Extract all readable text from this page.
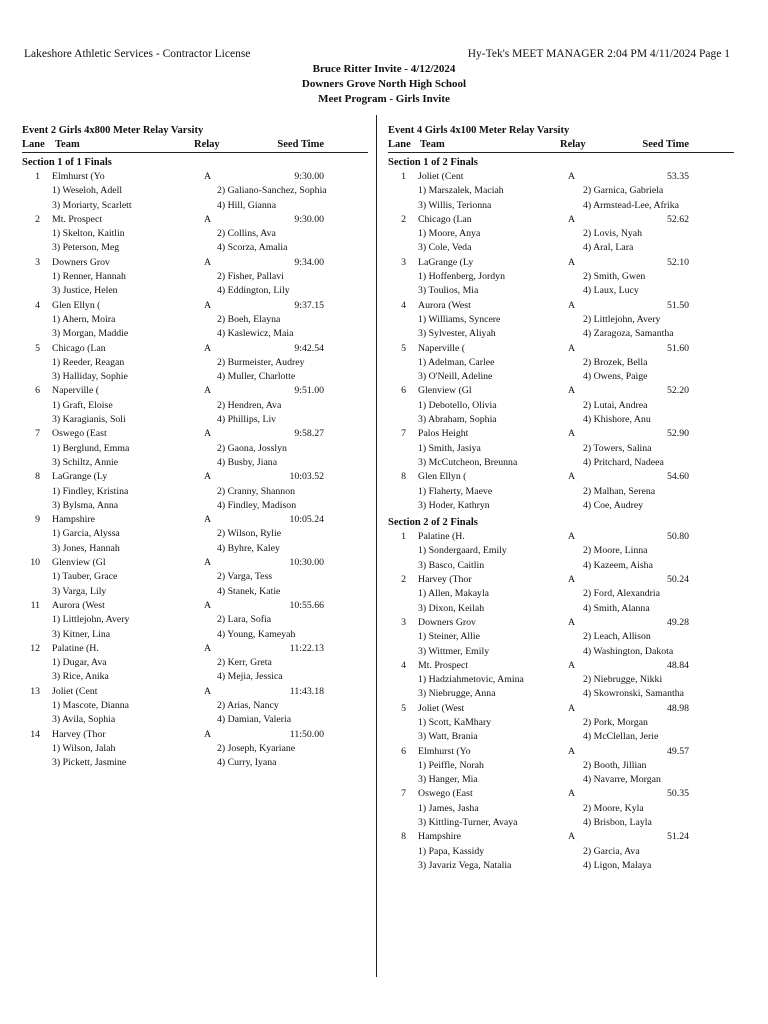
Lakeshore Athletic Services - Contractor License	Hy-Tek's MEET MANAGER 2:04 PM 4/11/2024 Page 1
Bruce Ritter Invite - 4/12/2024
Downers Grove North High School
Meet Program - Girls Invite
Event 2 Girls 4x800 Meter Relay Varsity
Lane Team	Relay	Seed Time
Section 1 of 1 Finals
1 Elmhurst (Yo	A	9:30.00
1) Weseloh, Adell	2) Galiano-Sanchez, Sophia
3) Moriarty, Scarlett	4) Hill, Gianna
2 Mt. Prospect	A	9:30.00
1) Skelton, Kaitlin	2) Collins, Ava
3) Peterson, Meg	4) Scorza, Amalia
3 Downers Grov	A	9:34.00
1) Renner, Hannah	2) Fisher, Pallavi
3) Justice, Helen	4) Eddington, Lily
4 Glen Ellyn (	A	9:37.15
1) Ahern, Moira	2) Boeh, Elayna
3) Morgan, Maddie	4) Kaslewicz, Maia
5 Chicago (Lan	A	9:42.54
1) Reeder, Reagan	2) Burmeister, Audrey
3) Halliday, Sophie	4) Muller, Charlotte
6 Naperville (	A	9:51.00
1) Graft, Eloise	2) Hendren, Ava
3) Karagianis, Soli	4) Phillips, Liv
7 Oswego (East	A	9:58.27
1) Berglund, Emma	2) Gaona, Josslyn
3) Schiltz, Annie	4) Busby, Jiana
8 LaGrange (Ly	A	10:03.52
1) Findley, Kristina	2) Cranny, Shannon
3) Bylsma, Anna	4) Findley, Madison
9 Hampshire	A	10:05.24
1) Garcia, Alyssa	2) Wilson, Rylie
3) Jones, Hannah	4) Byhre, Kaley
10 Glenview (Gl	A	10:30.00
1) Tauber, Grace	2) Varga, Tess
3) Varga, Lily	4) Stanek, Katie
11 Aurora (West	A	10:55.66
1) Littlejohn, Avery	2) Lara, Sofia
3) Kitner, Lina	4) Young, Kameyah
12 Palatine (H.	A	11:22.13
1) Dugar, Ava	2) Kerr, Greta
3) Rice, Anika	4) Mejia, Jessica
13 Joliet (Cent	A	11:43.18
1) Mascote, Dianna	2) Arias, Nancy
3) Avila, Sophia	4) Damian, Valeria
14 Harvey (Thor	A	11:50.00
1) Wilson, Jalah	2) Joseph, Kyariane
3) Pickett, Jasmine	4) Curry, Iyana
Event 4 Girls 4x100 Meter Relay Varsity
Lane Team	Relay	Seed Time
Section 1 of 2 Finals
1 Joliet (Cent	A	53.35
1) Marszalek, Maciah	2) Garnica, Gabriela
3) Willis, Terionna	4) Armstead-Lee, Afrika
2 Chicago (Lan	A	52.62
1) Moore, Anya	2) Lovis, Nyah
3) Cole, Veda	4) Aral, Lara
3 LaGrange (Ly	A	52.10
1) Hoffenberg, Jordyn	2) Smith, Gwen
3) Toulios, Mia	4) Laux, Lucy
4 Aurora (West	A	51.50
1) Williams, Syncere	2) Littlejohn, Avery
3) Sylvester, Aliyah	4) Zaragoza, Samantha
5 Naperville (	A	51.60
1) Adelman, Carlee	2) Brozek, Bella
3) O'Neill, Adeline	4) Owens, Paige
6 Glenview (Gl	A	52.20
1) Debotello, Olivia	2) Lutai, Andrea
3) Abraham, Sophia	4) Khishore, Anu
7 Palos Height	A	52.90
1) Smith, Jasiya	2) Towers, Salina
3) McCutcheon, Breunna	4) Pritchard, Nadeea
8 Glen Ellyn (	A	54.60
1) Flaherty, Maeve	2) Malhan, Serena
3) Hoder, Kathryn	4) Coe, Audrey
Section 2 of 2 Finals
1 Palatine (H.	A	50.80
1) Sondergaard, Emily	2) Moore, Linna
3) Basco, Caitlin	4) Kazeem, Aisha
2 Harvey (Thor	A	50.24
1) Allen, Makayla	2) Ford, Alexandria
3) Dixon, Keilah	4) Smith, Alanna
3 Downers Grov	A	49.28
1) Steiner, Allie	2) Leach, Allison
3) Wittmer, Emily	4) Washington, Dakota
4 Mt. Prospect	A	48.84
1) Hadziahmetovic, Amina	2) Niebrugge, Nikki
3) Niebrugge, Anna	4) Skowronski, Samantha
5 Joliet (West	A	48.98
1) Scott, KaMhary	2) Pork, Morgan
3) Watt, Brania	4) McClellan, Jerie
6 Elmhurst (Yo	A	49.57
1) Peiffle, Norah	2) Booth, Jillian
3) Hanger, Mia	4) Navarre, Morgan
7 Oswego (East	A	50.35
1) James, Jasha	2) Moore, Kyla
3) Kittling-Turner, Avaya	4) Brisbon, Layla
8 Hampshire	A	51.24
1) Papa, Kassidy	2) Garcia, Ava
3) Javariz Vega, Natalia	4) Ligon, Malaya
